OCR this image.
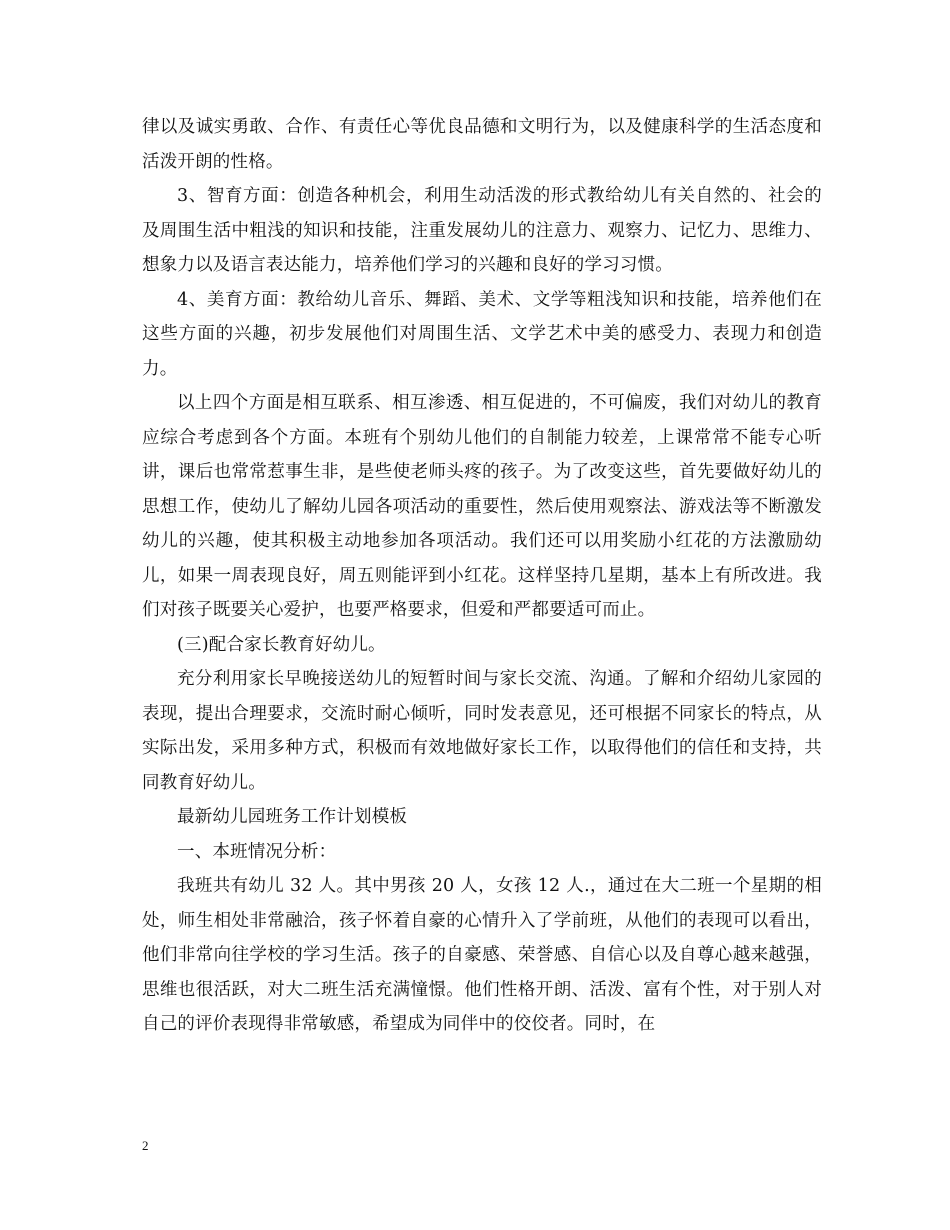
律以及诚实勇敢、合作、有责任心等优良品德和文明行为，以及健康科学的生活态度和活泼开朗的性格。

3、智育方面：创造各种机会，利用生动活泼的形式教给幼儿有关自然的、社会的及周围生活中粗浅的知识和技能，注重发展幼儿的注意力、观察力、记忆力、思维力、想象力以及语言表达能力，培养他们学习的兴趣和良好的学习习惯。

4、美育方面：教给幼儿音乐、舞蹈、美术、文学等粗浅知识和技能，培养他们在这些方面的兴趣，初步发展他们对周围生活、文学艺术中美的感受力、表现力和创造力。

以上四个方面是相互联系、相互渗透、相互促进的，不可偏废，我们对幼儿的教育应综合考虑到各个方面。本班有个别幼儿他们的自制能力较差，上课常常不能专心听讲，课后也常常惹事生非，是些使老师头疼的孩子。为了改变这些，首先要做好幼儿的思想工作，使幼儿了解幼儿园各项活动的重要性，然后使用观察法、游戏法等不断激发幼儿的兴趣，使其积极主动地参加各项活动。我们还可以用奖励小红花的方法激励幼儿，如果一周表现良好，周五则能评到小红花。这样坚持几星期，基本上有所改进。我们对孩子既要关心爱护，也要严格要求，但爱和严都要适可而止。

(三)配合家长教育好幼儿。

充分利用家长早晚接送幼儿的短暂时间与家长交流、沟通。了解和介绍幼儿家园的表现，提出合理要求，交流时耐心倾听，同时发表意见，还可根据不同家长的特点，从实际出发，采用多种方式，积极而有效地做好家长工作，以取得他们的信任和支持，共同教育好幼儿。

最新幼儿园班务工作计划模板

一、本班情况分析：

我班共有幼儿 32 人。其中男孩 20 人，女孩 12 人.，通过在大二班一个星期的相处，师生相处非常融洽，孩子怀着自豪的心情升入了学前班，从他们的表现可以看出，他们非常向往学校的学习生活。孩子的自豪感、荣誉感、自信心以及自尊心越来越强，思维也很活跃，对大二班生活充满憧憬。他们性格开朗、活泼、富有个性，对于别人对自己的评价表现得非常敏感，希望成为同伴中的佼佼者。同时，在

2
